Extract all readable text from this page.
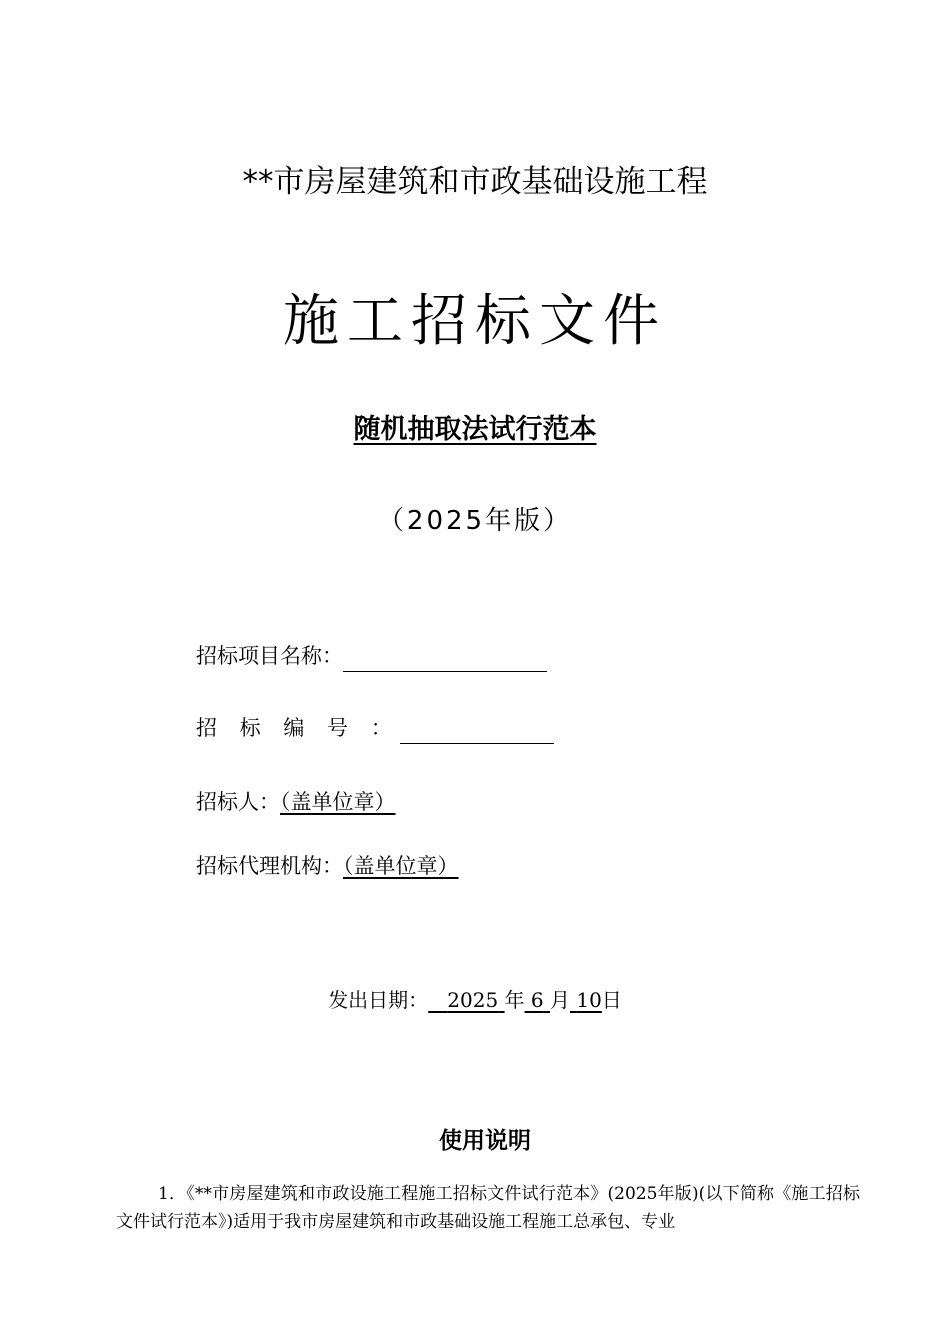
**市房屋建筑和市政基础设施工程
施工招标文件
随机抽取法试行范本
（2025年版）
招标项目名称：
招 标 编 号 ：
招标人：（盖单位章）
招标代理机构：（盖单位章）
发出日期： 2025 年 6 月 10日
使用说明
1．《**市房屋建筑和市政设施工程施工招标文件试行范本》(2025年版)(以下简称《施工招标文件试行范本》)适用于我市房屋建筑和市政基础设施工程施工总承包、专业
